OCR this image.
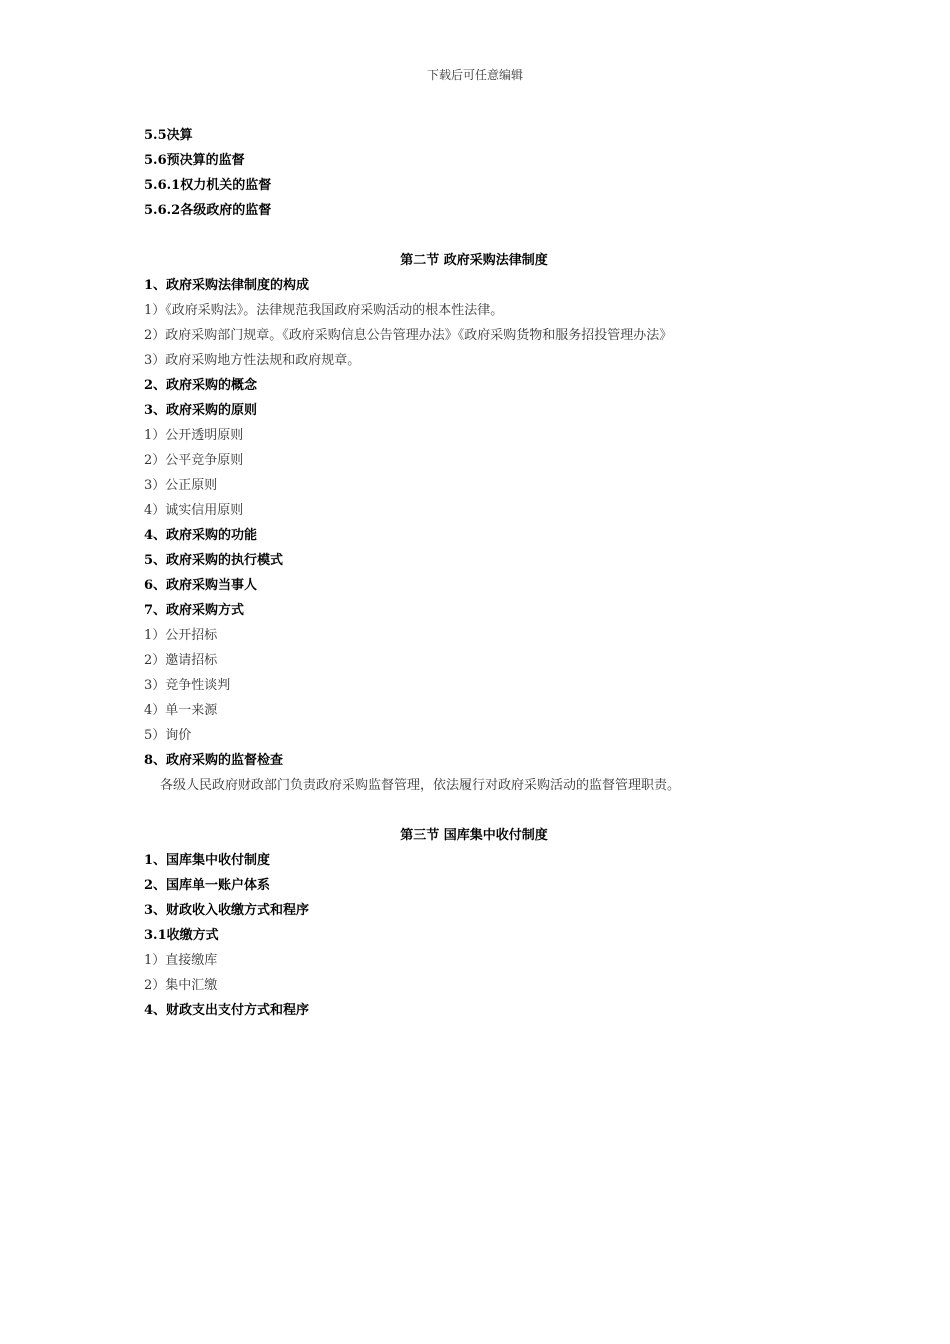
下载后可任意编辑
5.5决算
5.6预决算的监督
5.6.1权力机关的监督
5.6.2各级政府的监督
第二节 政府采购法律制度
1、政府采购法律制度的构成
1）《政府采购法》。法律规范我国政府采购活动的根本性法律。
2）政府采购部门规章。《政府采购信息公告管理办法》《政府采购货物和服务招投管理办法》
3）政府采购地方性法规和政府规章。
2、政府采购的概念
3、政府采购的原则
1）公开透明原则
2）公平竞争原则
3）公正原则
4）诚实信用原则
4、政府采购的功能
5、政府采购的执行模式
6、政府采购当事人
7、政府采购方式
1）公开招标
2）邀请招标
3）竞争性谈判
4）单一来源
5）询价
8、政府采购的监督检查
各级人民政府财政部门负责政府采购监督管理，依法履行对政府采购活动的监督管理职责。
第三节 国库集中收付制度
1、国库集中收付制度
2、国库单一账户体系
3、财政收入收缴方式和程序
3.1收缴方式
1）直接缴库
2）集中汇缴
4、财政支出支付方式和程序
